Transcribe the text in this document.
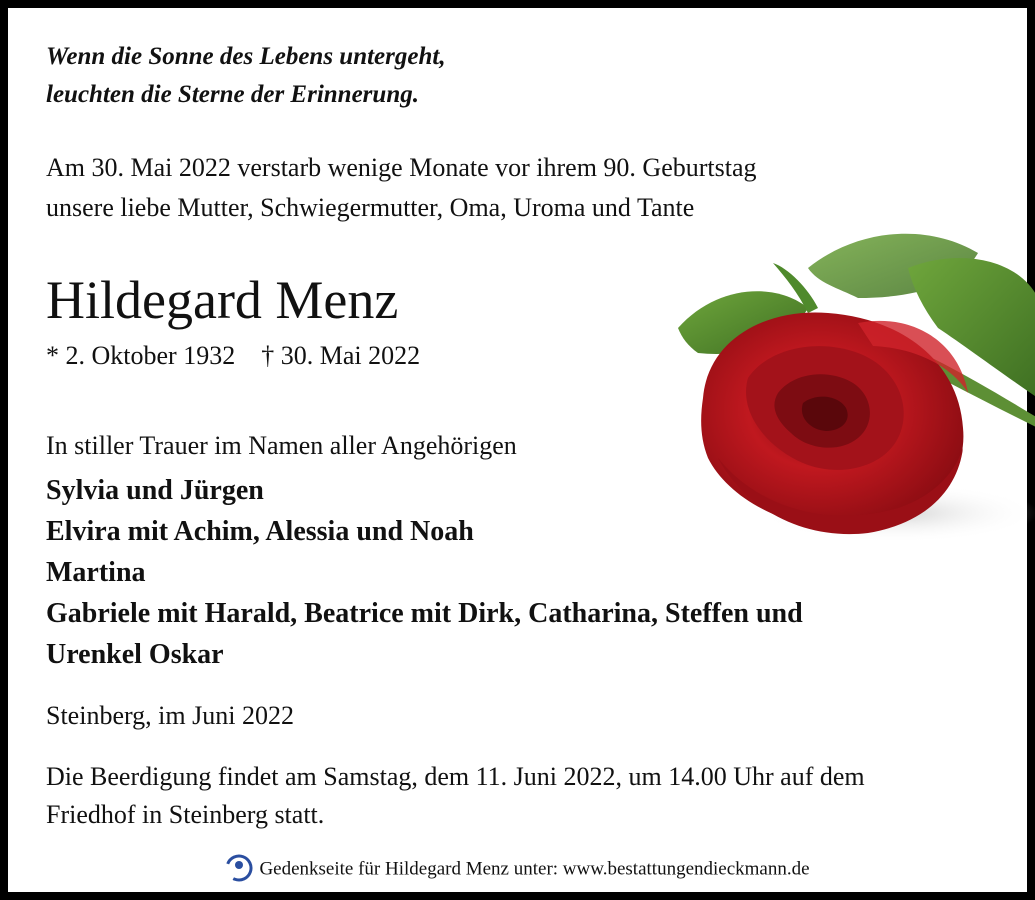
Wenn die Sonne des Lebens untergeht,
leuchten die Sterne der Erinnerung.
Am 30. Mai 2022 verstarb wenige Monate vor ihrem 90. Geburtstag
unsere liebe Mutter, Schwiegermutter, Oma, Uroma und Tante
Hildegard Menz
* 2. Oktober 1932 † 30. Mai 2022
In stiller Trauer im Namen aller Angehörigen
Sylvia und Jürgen
Elvira mit Achim, Alessia und Noah
Martina
Gabriele mit Harald, Beatrice mit Dirk, Catharina, Steffen und
Urenkel Oskar
Steinberg, im Juni 2022
Die Beerdigung findet am Samstag, dem 11. Juni 2022, um 14.00 Uhr auf dem
Friedhof in Steinberg statt.
Gedenkseite für Hildegard Menz unter: www.bestattungendieckmann.de
